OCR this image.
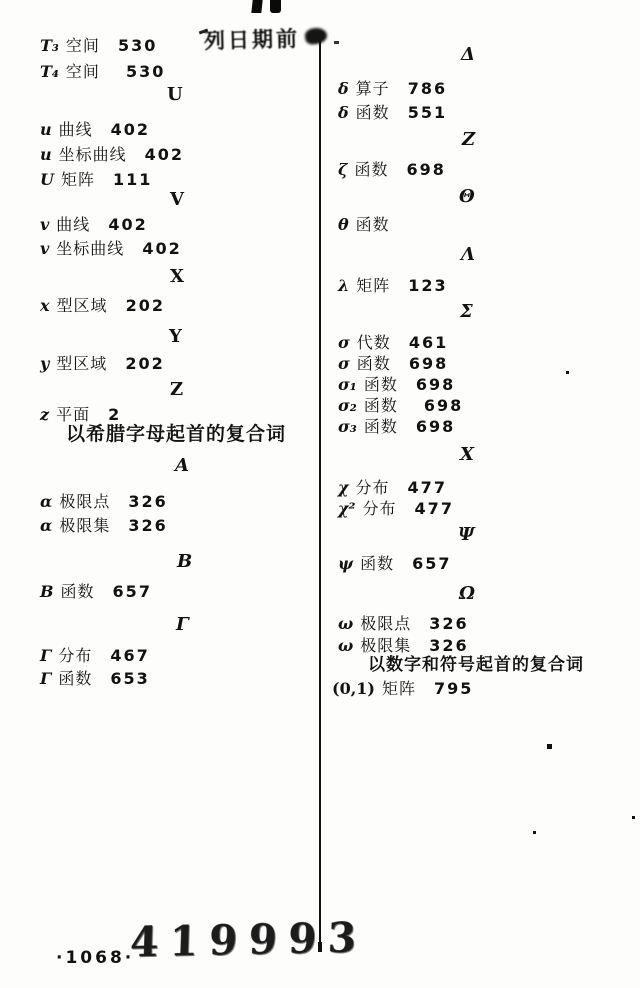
列日期前
T₃ 空间 530
T₄ 空间 530
U
u 曲线 402
u 坐标曲线 402
U 矩阵 111
V
v 曲线 402
v 坐标曲线 402
X
x 型区域 202
Y
y 型区域 202
Z
z 平面 2
以希腊字母起首的复合词
A
α 极限点 326
α 极限集 326
B
B 函数 657
Γ
Γ 分布 467
Γ 函数 653
Δ
δ 算子 786
δ 函数 551
Z
ζ 函数 698
Θ
θ 函数
Λ
λ 矩阵 123
Σ
σ 代数 461
σ 函数 698
σ₁ 函数 698
σ₂ 函数 698
σ₃ 函数 698
X
χ 分布 477
χ² 分布 477
Ψ
ψ 函数 657
Ω
ω 极限点 326
ω 极限集 326
以数字和符号起首的复合词
(0,1) 矩阵 795
419993
·1068·
